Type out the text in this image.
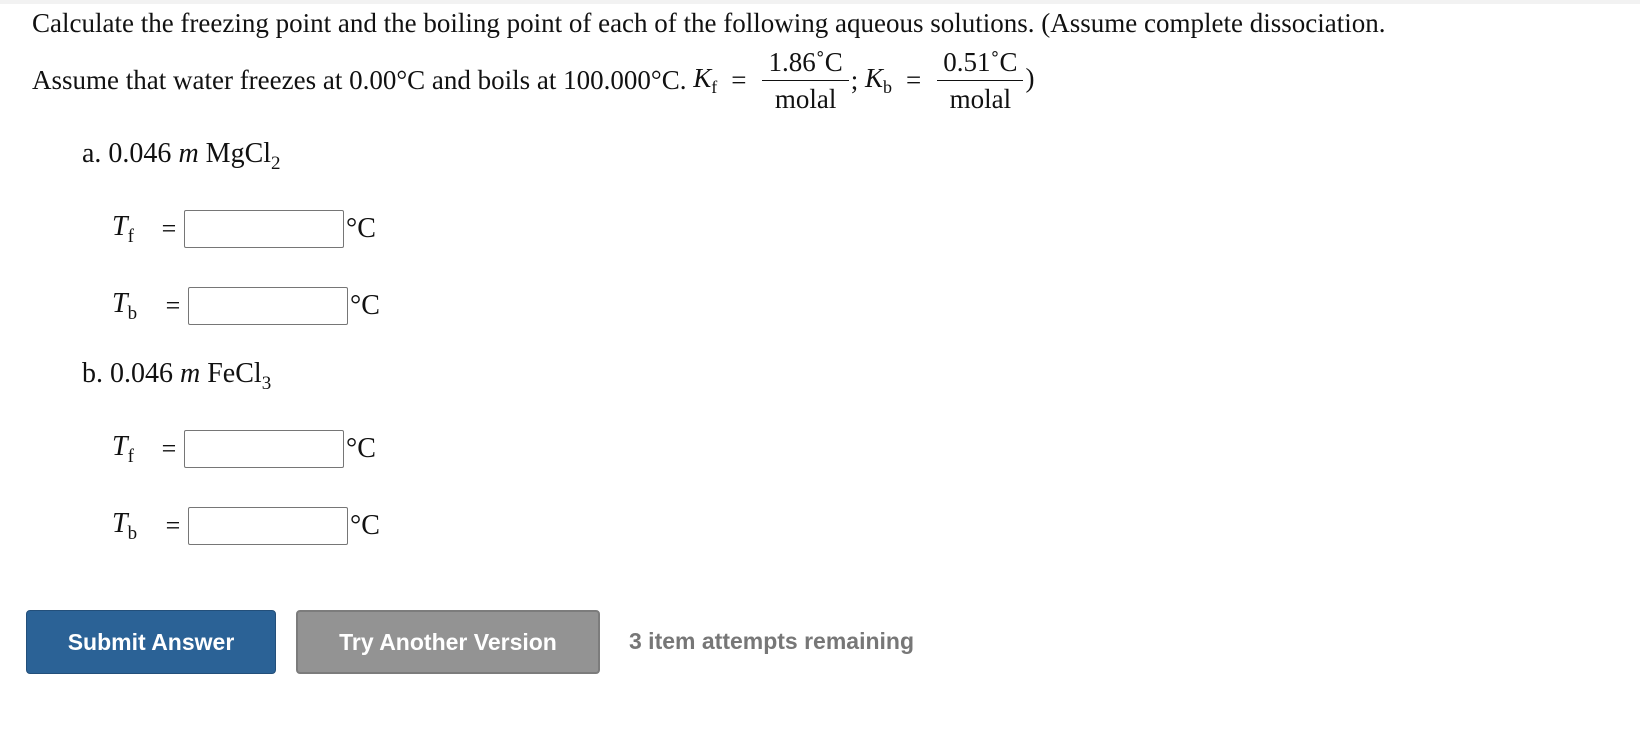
Calculate the freezing point and the boiling point of each of the following aqueous solutions. (Assume complete dissociation.
Assume that water freezes at 0.00°C and boils at 100.000°C.
$K_f = \frac{1.86˚C}{\text{molal}}$ ;
$K_b = \frac{0.51˚C}{\text{molal}}$ )
a. 0.046 m MgCl$_2$
$T_f$	=	°C
$T_b$	=	°C
b. 0.046 m FeCl$_3$
$T_f$	=	°C
$T_b$	=	°C
Submit Answer	Try Another Version	3 item attempts remaining
